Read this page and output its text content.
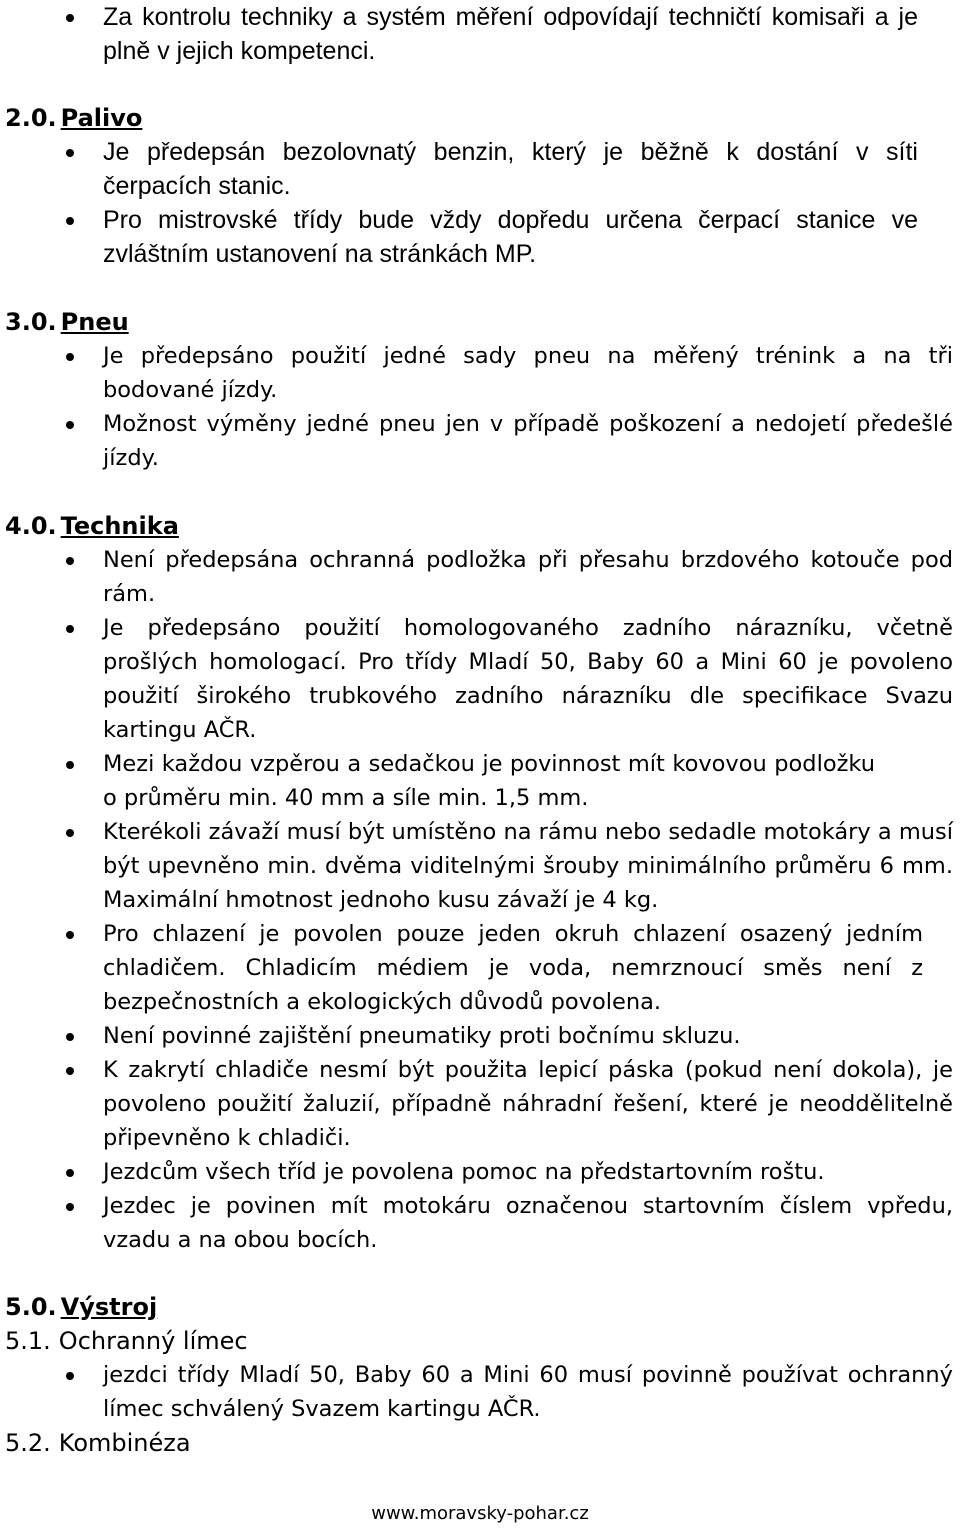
Za kontrolu techniky a systém měření odpovídají techničtí komisaři a je plně v jejich kompetenci.
2.0. Palivo
Je předepsán bezolovnatý benzin, který je běžně k dostání v síti čerpacích stanic.
Pro mistrovské třídy bude vždy dopředu určena čerpací stanice ve zvláštním ustanovení na stránkách MP.
3.0. Pneu
Je předepsáno použití jedné sady pneu na měřený trénink a na tři bodované jízdy.
Možnost výměny jedné pneu jen v případě poškození a nedojetí předešlé jízdy.
4.0. Technika
Není předepsána ochranná podložka při přesahu brzdového kotouče pod rám.
Je předepsáno použití homologovaného zadního nárazníku, včetně prošlých homologací. Pro třídy Mladí 50, Baby 60 a Mini 60 je povoleno použití širokého trubkového zadního nárazníku dle specifikace Svazu kartingu AČR.
Mezi každou vzpěrou a sedačkou je povinnost mít kovovou podložku o průměru min. 40 mm a síle min. 1,5 mm.
Kterékoli závaží musí být umístěno na rámu nebo sedadle motokáry a musí být upevněno min. dvěma viditelnými šrouby minimálního průměru 6 mm. Maximální hmotnost jednoho kusu závaží je 4 kg.
Pro chlazení je povolen pouze jeden okruh chlazení osazený jedním chladičem. Chladicím médiem je voda, nemrznoucí směs není z bezpečnostních a ekologických důvodů povolena.
Není povinné zajištění pneumatiky proti bočnímu skluzu.
K zakrytí chladiče nesmí být použita lepicí páska (pokud není dokola), je povoleno použití žaluzií, případně náhradní řešení, které je neoddělitelně připevněno k chladiči.
Jezdcům všech tříd je povolena pomoc na předstartovním roštu.
Jezdec je povinen mít motokáru označenou startovním číslem vpředu, vzadu a na obou bocích.
5.0. Výstroj
5.1. Ochranný límec
jezdci třídy Mladí 50, Baby 60 a Mini 60 musí povinně používat ochranný límec schválený Svazem kartingu AČR.
5.2. Kombinéza
www.moravsky-pohar.cz
